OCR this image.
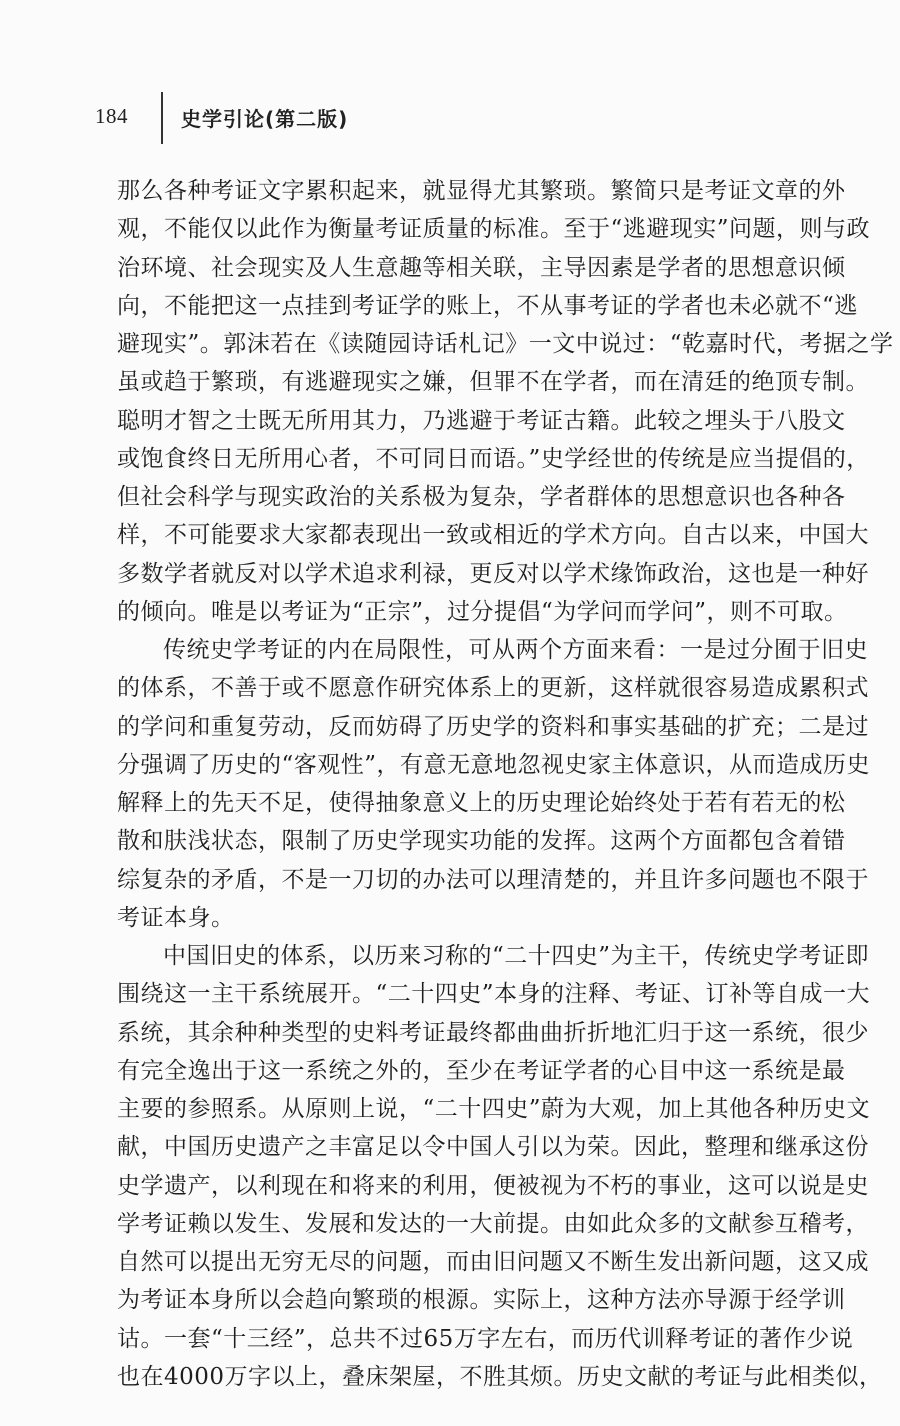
184	史学引论(第二版)
那么各种考证文字累积起来，就显得尤其繁琐。繁简只是考证文章的外
观，不能仅以此作为衡量考证质量的标准。至于“逃避现实”问题，则与政
治环境、社会现实及人生意趣等相关联，主导因素是学者的思想意识倾
向，不能把这一点挂到考证学的账上，不从事考证的学者也未必就不“逃
避现实”。郭沫若在《读随园诗话札记》一文中说过：“乾嘉时代，考据之学
虽或趋于繁琐，有逃避现实之嫌，但罪不在学者，而在清廷的绝顶专制。
聪明才智之士既无所用其力，乃逃避于考证古籍。此较之埋头于八股文
或饱食终日无所用心者，不可同日而语。”史学经世的传统是应当提倡的，
但社会科学与现实政治的关系极为复杂，学者群体的思想意识也各种各
样，不可能要求大家都表现出一致或相近的学术方向。自古以来，中国大
多数学者就反对以学术追求利禄，更反对以学术缘饰政治，这也是一种好
的倾向。唯是以考证为“正宗”，过分提倡“为学问而学问”，则不可取。
传统史学考证的内在局限性，可从两个方面来看：一是过分囿于旧史
的体系，不善于或不愿意作研究体系上的更新，这样就很容易造成累积式
的学问和重复劳动，反而妨碍了历史学的资料和事实基础的扩充；二是过
分强调了历史的“客观性”，有意无意地忽视史家主体意识，从而造成历史
解释上的先天不足，使得抽象意义上的历史理论始终处于若有若无的松
散和肤浅状态，限制了历史学现实功能的发挥。这两个方面都包含着错
综复杂的矛盾，不是一刀切的办法可以理清楚的，并且许多问题也不限于
考证本身。
中国旧史的体系，以历来习称的“二十四史”为主干，传统史学考证即
围绕这一主干系统展开。“二十四史”本身的注释、考证、订补等自成一大
系统，其余种种类型的史料考证最终都曲曲折折地汇归于这一系统，很少
有完全逸出于这一系统之外的，至少在考证学者的心目中这一系统是最
主要的参照系。从原则上说，“二十四史”蔚为大观，加上其他各种历史文
献，中国历史遗产之丰富足以令中国人引以为荣。因此，整理和继承这份
史学遗产，以利现在和将来的利用，便被视为不朽的事业，这可以说是史
学考证赖以发生、发展和发达的一大前提。由如此众多的文献参互稽考，
自然可以提出无穷无尽的问题，而由旧问题又不断生发出新问题，这又成
为考证本身所以会趋向繁琐的根源。实际上，这种方法亦导源于经学训
诂。一套“十三经”，总共不过65万字左右，而历代训释考证的著作少说
也在4000万字以上，叠床架屋，不胜其烦。历史文献的考证与此相类似，
